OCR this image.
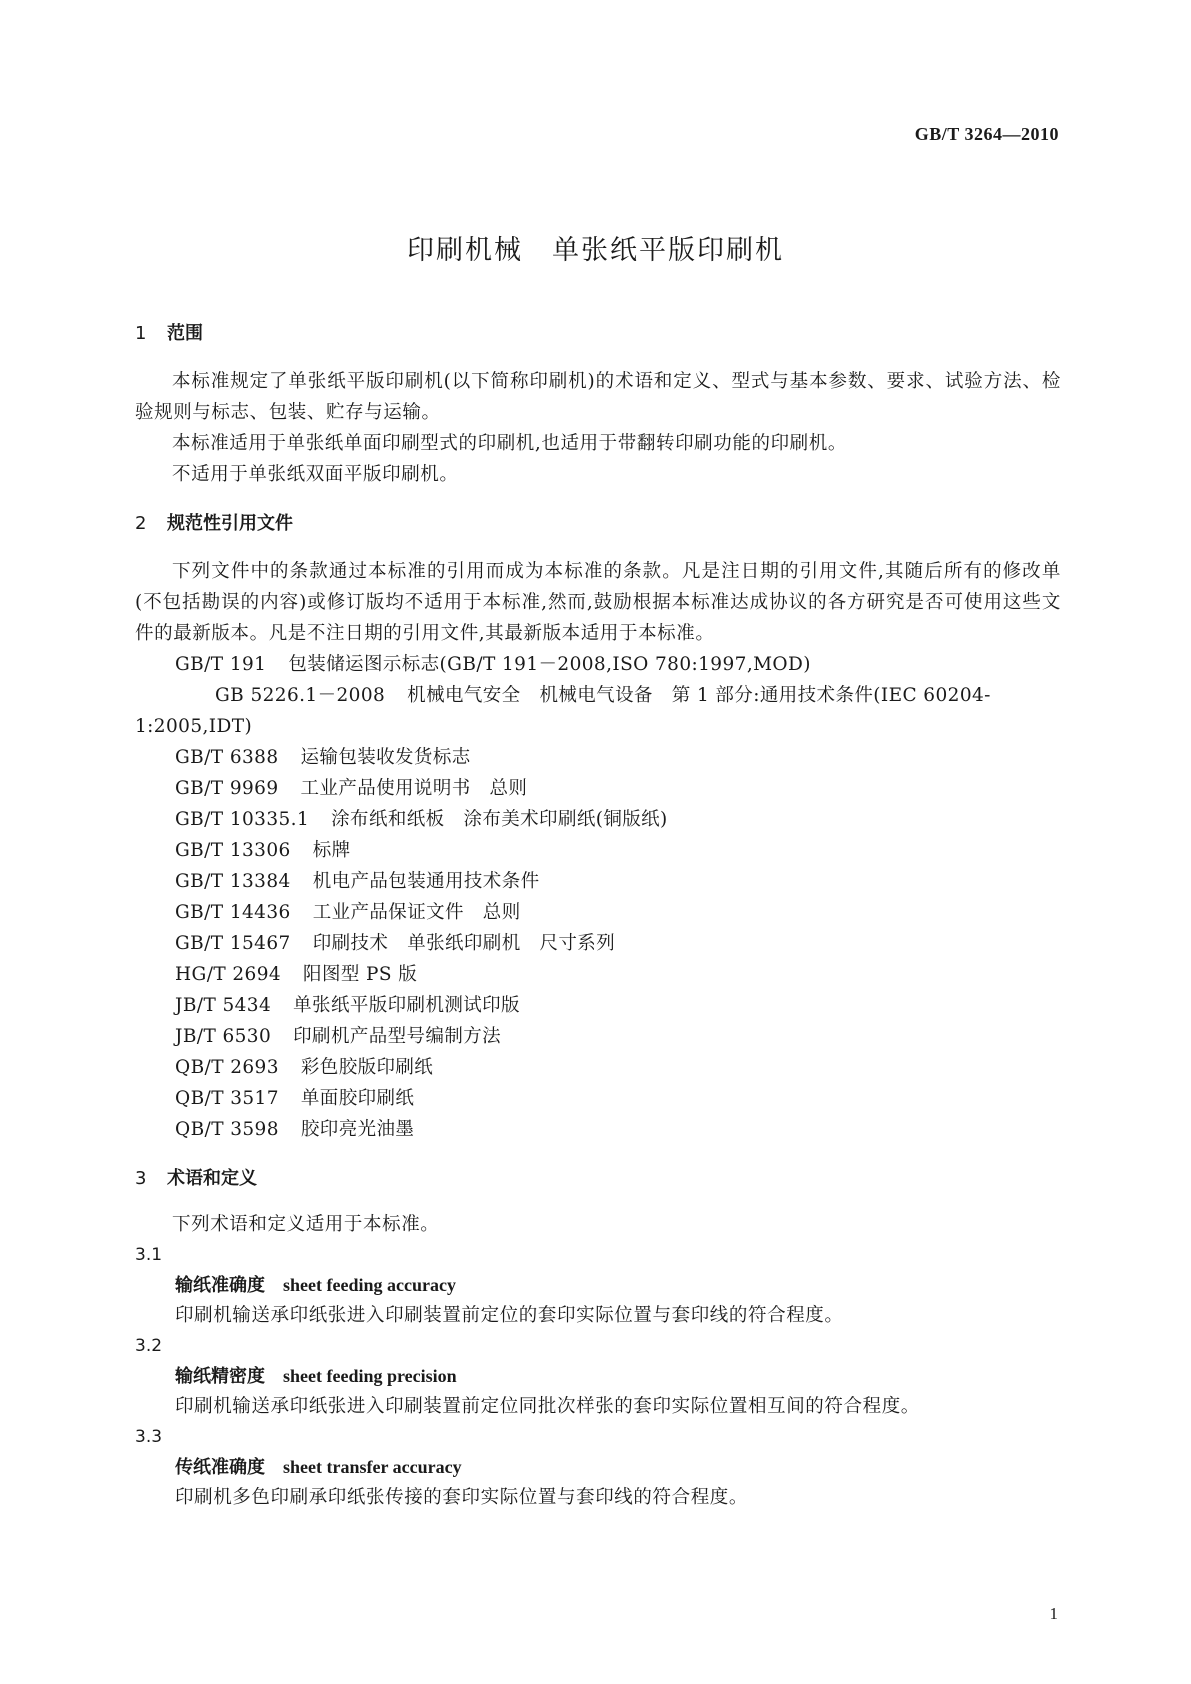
GB/T 3264—2010
印刷机械　单张纸平版印刷机
1 范围

本标准规定了单张纸平版印刷机(以下简称印刷机)的术语和定义、型式与基本参数、要求、试验方法、检验规则与标志、包装、贮存与运输。

本标准适用于单张纸单面印刷型式的印刷机,也适用于带翻转印刷功能的印刷机。

不适用于单张纸双面平版印刷机。

2 规范性引用文件

下列文件中的条款通过本标准的引用而成为本标准的条款。凡是注日期的引用文件,其随后所有的修改单(不包括勘误的内容)或修订版均不适用于本标准,然而,鼓励根据本标准达成协议的各方研究是否可使用这些文件的最新版本。凡是不注日期的引用文件,其最新版本适用于本标准。

GB/T 191 包装储运图示标志(GB/T 191－2008,ISO 780:1997,MOD)

GB 5226.1－2008 机械电气安全　机械电气设备　第 1 部分:通用技术条件(IEC 60204-1:2005,IDT)

GB/T 6388 运输包装收发货标志

GB/T 9969 工业产品使用说明书　总则

GB/T 10335.1 涂布纸和纸板　涂布美术印刷纸(铜版纸)

GB/T 13306 标牌

GB/T 13384 机电产品包装通用技术条件

GB/T 14436 工业产品保证文件　总则

GB/T 15467 印刷技术　单张纸印刷机　尺寸系列

HG/T 2694 阳图型 PS 版

JB/T 5434 单张纸平版印刷机测试印版

JB/T 6530 印刷机产品型号编制方法

QB/T 2693 彩色胶版印刷纸

QB/T 3517 单面胶印刷纸

QB/T 3598 胶印亮光油墨

3 术语和定义

下列术语和定义适用于本标准。

3.1

输纸准确度 sheet feeding accuracy

印刷机输送承印纸张进入印刷装置前定位的套印实际位置与套印线的符合程度。

3.2

输纸精密度 sheet feeding precision

印刷机输送承印纸张进入印刷装置前定位同批次样张的套印实际位置相互间的符合程度。

3.3

传纸准确度 sheet transfer accuracy

印刷机多色印刷承印纸张传接的套印实际位置与套印线的符合程度。

1
